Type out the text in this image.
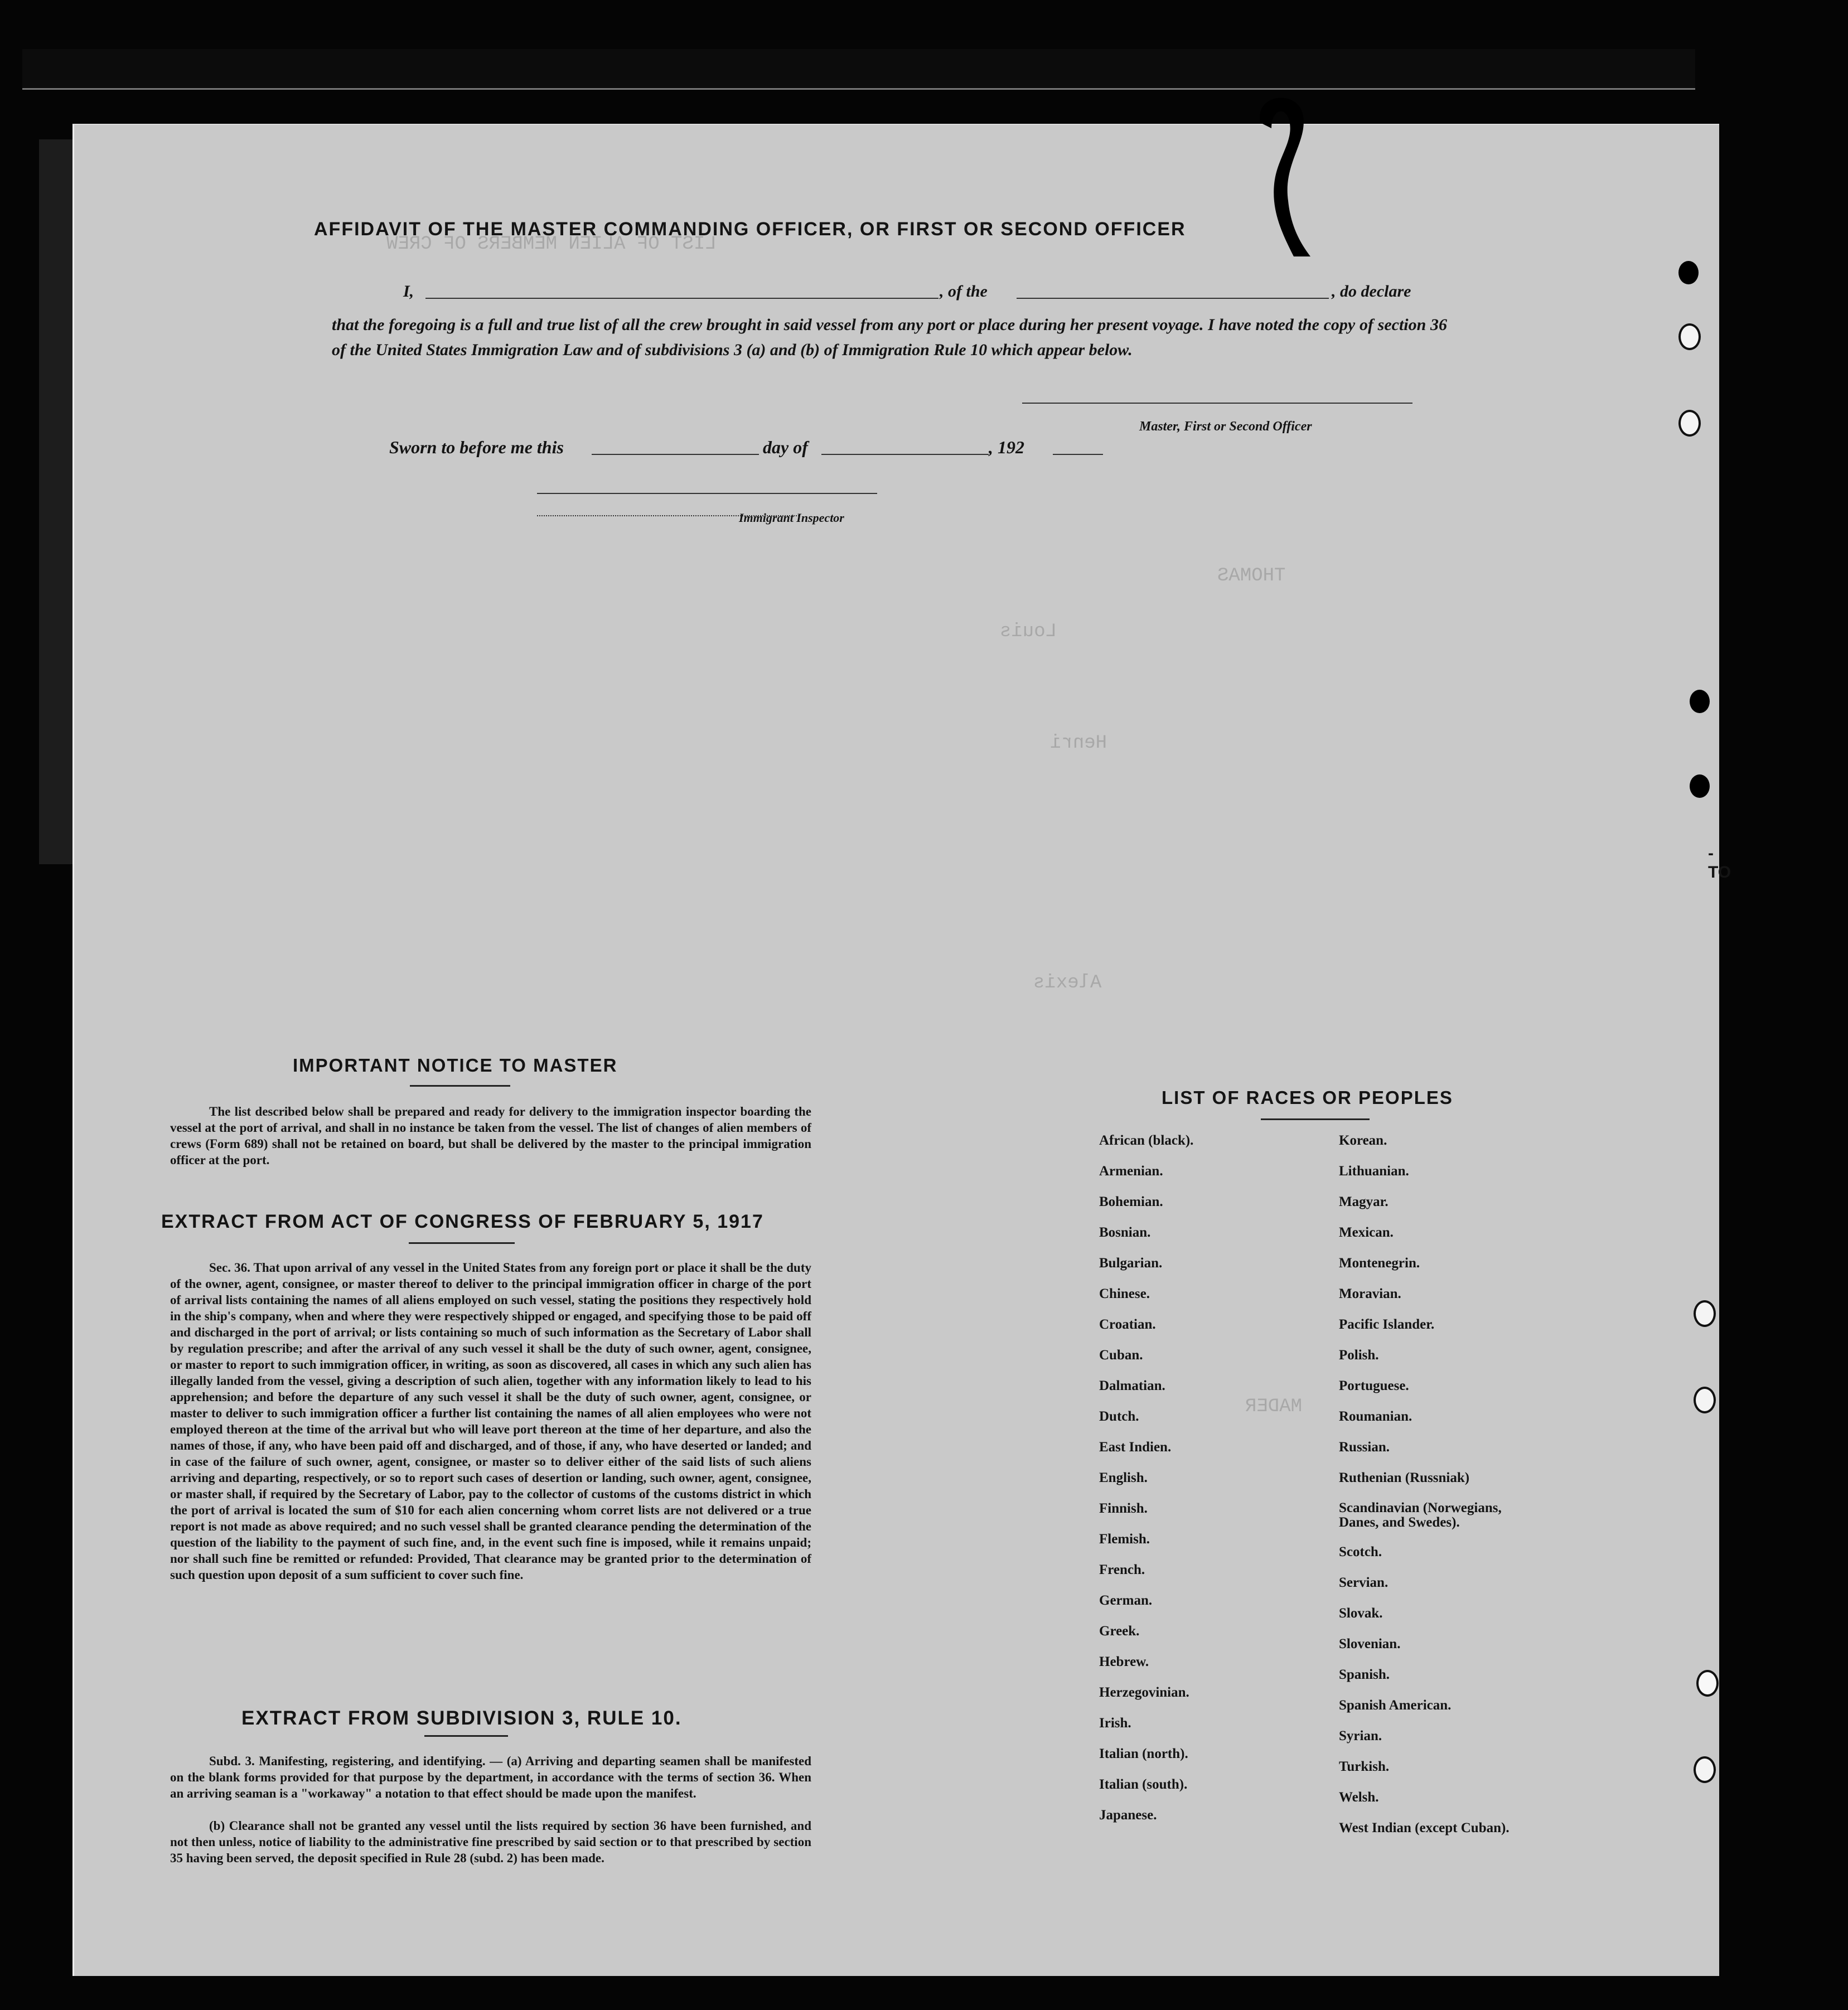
LIST OF ALIEN MEMBERS OF CREW
THOMAS
Louis
Henri
Alexis
MADER
AFFIDAVIT OF THE MASTER COMMANDING OFFICER, OR FIRST OR SECOND OFFICER
I,	, of the	, do declare
that the foregoing is a full and true list of all the crew brought in said vessel from any port or place during her present voyage. I have noted the copy of section 36 of the United States Immigration Law and of subdivisions 3 (a) and (b) of Immigration Rule 10 which appear below.
Master, First or Second Officer
Sworn to before me this	day of	, 192
Immigrant Inspector
IMPORTANT NOTICE TO MASTER
The list described below shall be prepared and ready for delivery to the immigration inspector boarding the vessel at the port of arrival, and shall in no instance be taken from the vessel. The list of changes of alien members of crews (Form 689) shall not be retained on board, but shall be delivered by the master to the principal immigration officer at the port.
EXTRACT FROM ACT OF CONGRESS OF FEBRUARY 5, 1917
Sec. 36. That upon arrival of any vessel in the United States from any foreign port or place it shall be the duty of the owner, agent, consignee, or master thereof to deliver to the principal immigration officer in charge of the port of arrival lists containing the names of all aliens employed on such vessel, stating the positions they respectively hold in the ship's company, when and where they were respectively shipped or engaged, and specifying those to be paid off and discharged in the port of arrival; or lists containing so much of such information as the Secretary of Labor shall by regulation prescribe; and after the arrival of any such vessel it shall be the duty of such owner, agent, consignee, or master to report to such immigration officer, in writing, as soon as discovered, all cases in which any such alien has illegally landed from the vessel, giving a description of such alien, together with any information likely to lead to his apprehension; and before the departure of any such vessel it shall be the duty of such owner, agent, consignee, or master to deliver to such immigration officer a further list containing the names of all alien employees who were not employed thereon at the time of the arrival but who will leave port thereon at the time of her departure, and also the names of those, if any, who have been paid off and discharged, and of those, if any, who have deserted or landed; and in case of the failure of such owner, agent, consignee, or master so to deliver either of the said lists of such aliens arriving and departing, respectively, or so to report such cases of desertion or landing, such owner, agent, consignee, or master shall, if required by the Secretary of Labor, pay to the collector of customs of the customs district in which the port of arrival is located the sum of $10 for each alien concerning whom corret lists are not delivered or a true report is not made as above required; and no such vessel shall be granted clearance pending the determination of the question of the liability to the payment of such fine, and, in the event such fine is imposed, while it remains unpaid; nor shall such fine be remitted or refunded: Provided, That clearance may be granted prior to the determination of such question upon deposit of a sum sufficient to cover such fine.
EXTRACT FROM SUBDIVISION 3, RULE 10.
Subd. 3. Manifesting, registering, and identifying. — (a) Arriving and departing seamen shall be manifested on the blank forms provided for that purpose by the department, in accordance with the terms of section 36. When an arriving seaman is a "workaway" a notation to that effect should be made upon the manifest.
(b) Clearance shall not be granted any vessel until the lists required by section 36 have been furnished, and not then unless, notice of liability to the administrative fine prescribed by said section or to that prescribed by section 35 having been served, the deposit specified in Rule 28 (subd. 2) has been made.
LIST OF RACES OR PEOPLES
African (black).
Armenian.
Bohemian.
Bosnian.
Bulgarian.
Chinese.
Croatian.
Cuban.
Dalmatian.
Dutch.
East Indien.
English.
Finnish.
Flemish.
French.
German.
Greek.
Hebrew.
Herzegovinian.
Irish.
Italian (north).
Italian (south).
Japanese.
Korean.
Lithuanian.
Magyar.
Mexican.
Montenegrin.
Moravian.
Pacific Islander.
Polish.
Portuguese.
Roumanian.
Russian.
Ruthenian (Russniak)
Scandinavian (Norwegians, Danes, and Swedes).
Scotch.
Servian.
Slovak.
Slovenian.
Spanish.
Spanish American.
Syrian.
Turkish.
Welsh.
West Indian (except Cuban).
-TO
